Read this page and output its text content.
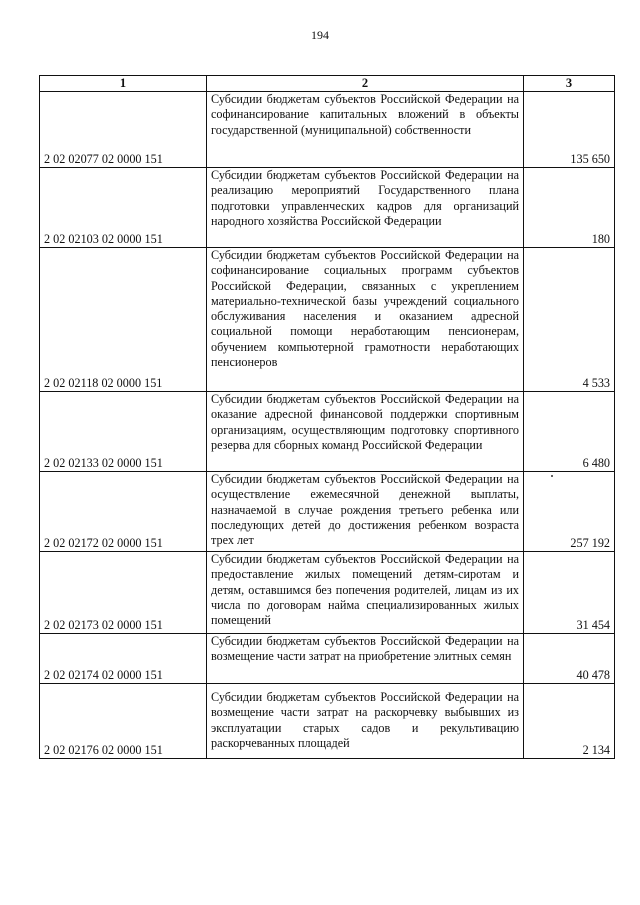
194
1	2	3
2 02 02077 02 0000 151	Субсидии бюджетам субъектов Российской Федерации на софинансирование капитальных вложений в объекты государственной (муниципальной) собственности	135 650
2 02 02103 02 0000 151	Субсидии бюджетам субъектов Российской Федерации на реализацию мероприятий Государственного плана подготовки управленческих кадров для организаций народного хозяйства Российской Федерации	180
2 02 02118 02 0000 151	Субсидии бюджетам субъектов Российской Федерации на софинансирование социальных программ субъектов Российской Федерации, связанных с укреплением материально-технической базы учреждений социального обслуживания населения и оказанием адресной социальной помощи неработающим пенсионерам, обучением компьютерной грамотности неработающих пенсионеров	4 533
2 02 02133 02 0000 151	Субсидии бюджетам субъектов Российской Федерации на оказание адресной финансовой поддержки спортивным организациям, осуществляющим подготовку спортивного резерва для сборных команд Российской Федерации	6 480
2 02 02172 02 0000 151	Субсидии бюджетам субъектов Российской Федерации на осуществление ежемесячной денежной выплаты, назначаемой в случае рождения третьего ребенка или последующих детей до достижения ребенком возраста трех лет	257 192
2 02 02173 02 0000 151	Субсидии бюджетам субъектов Российской Федерации на предоставление жилых помещений детям-сиротам и детям, оставшимся без попечения родителей, лицам из их числа по договорам найма специализированных жилых помещений	31 454
2 02 02174 02 0000 151	Субсидии бюджетам субъектов Российской Федерации на возмещение части затрат на приобретение элитных семян	40 478
2 02 02176 02 0000 151	Субсидии бюджетам субъектов Российской Федерации на возмещение части затрат на раскорчевку выбывших из эксплуатации старых садов и рекультивацию раскорчеванных площадей	2 134
